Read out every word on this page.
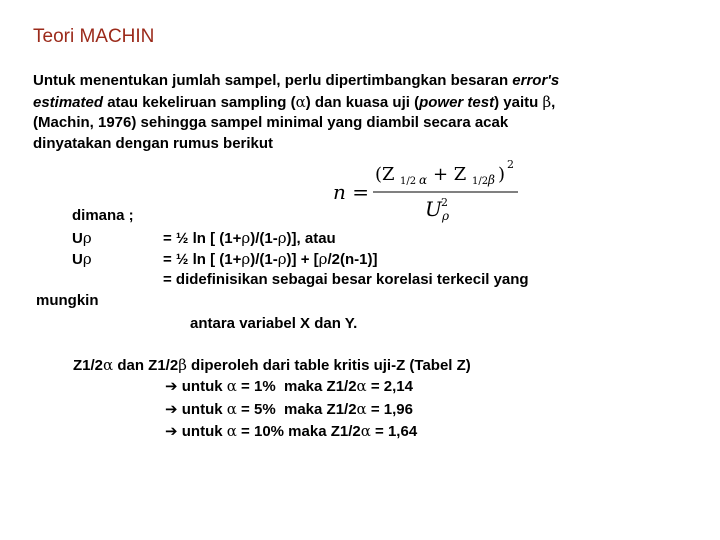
Teori MACHIN
Untuk menentukan jumlah sampel, perlu dipertimbangkan besaran error's
estimated atau kekeliruan sampling (α) dan kuasa uji (power test) yaitu β,
(Machin, 1976) sehingga sampel minimal yang diambil secara acak
dinyatakan dengan rumus berikut
n =
(Z 1/2 α + Z 1/2 β ) 2
U 2
ρ
dimana ;
Uρ	= ½ ln [ (1+ρ)/(1-ρ)], atau
Uρ	= ½ ln [ (1+ρ)/(1-ρ)] + [ρ/2(n-1)]
= didefinisikan sebagai besar korelasi terkecil yang
mungkin
antara variabel X dan Y.
Z1/2α dan Z1/2β diperoleh dari table kritis uji-Z (Tabel Z)
➔ untuk α = 1%  maka Z1/2α = 2,14
➔ untuk α = 5%  maka Z1/2α = 1,96
➔ untuk α = 10% maka Z1/2α = 1,64
